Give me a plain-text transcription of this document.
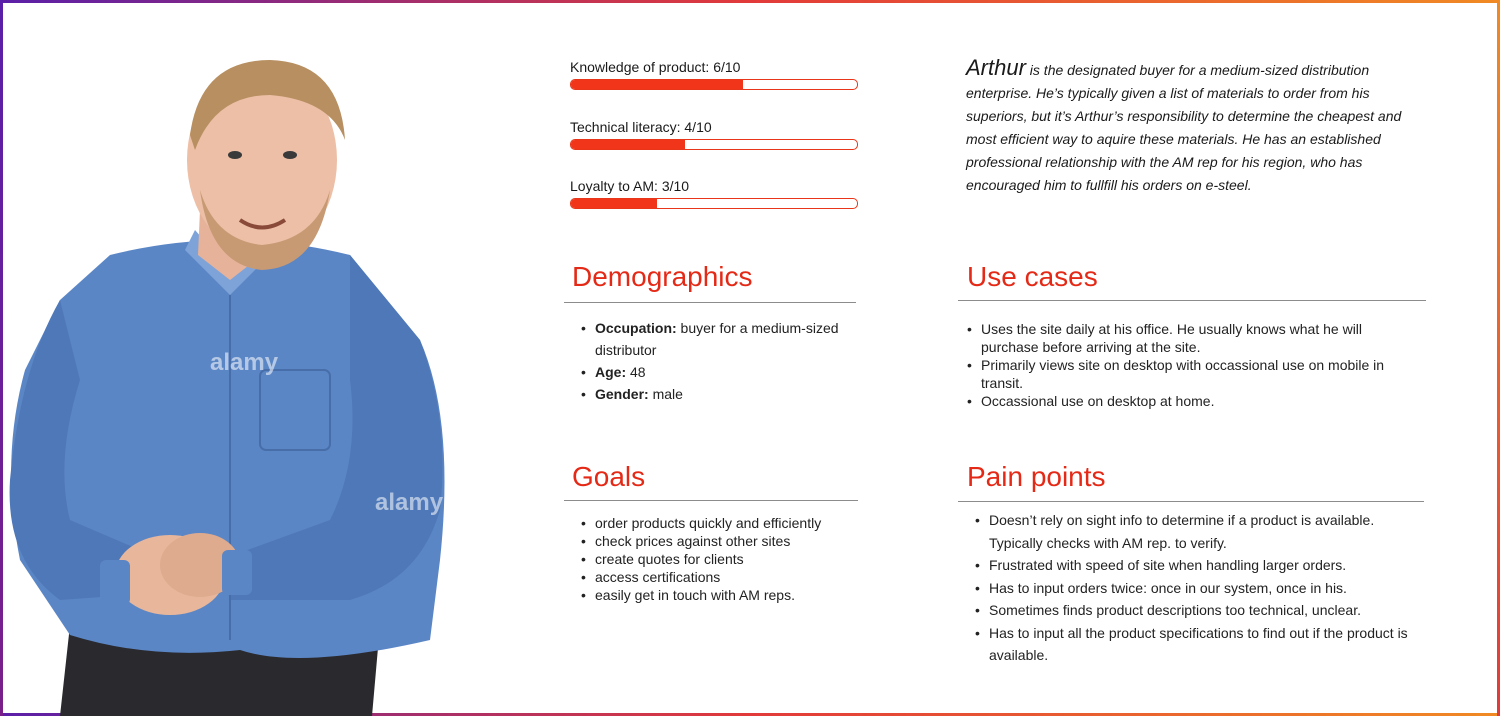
alamy
alamy
Knowledge of product: 6/10
Technical literacy: 4/10
Loyalty to AM: 3/10
Arthur is the designated buyer for a medium-sized distribution enterprise. He’s typically given a list of materials to order from his superiors, but it’s Arthur’s responsibility to determine the cheapest and most efficient way to aquire these materials. He has an established professional relationship with the AM rep for his region, who has encouraged him to fullfill his orders on e-steel.
Demographics
• Occupation: buyer for a medium-sized distributor
• Age: 48
• Gender: male
Use cases
• Uses the site daily at his office. He usually knows what he will purchase before arriving at the site.
• Primarily views site on desktop with occassional use on mobile in transit.
• Occassional use on desktop at home.
Goals
• order products quickly and efficiently
• check prices against other sites
• create quotes for clients
• access certifications
• easily get in touch with AM reps.
Pain points
• Doesn’t rely on sight info to determine if a product is available. Typically checks with AM rep. to verify.
• Frustrated with speed of site when handling larger orders.
• Has to input orders twice: once in our system, once in his.
• Sometimes finds product descriptions too technical, unclear.
• Has to input all the product specifications to find out if the product is available.
